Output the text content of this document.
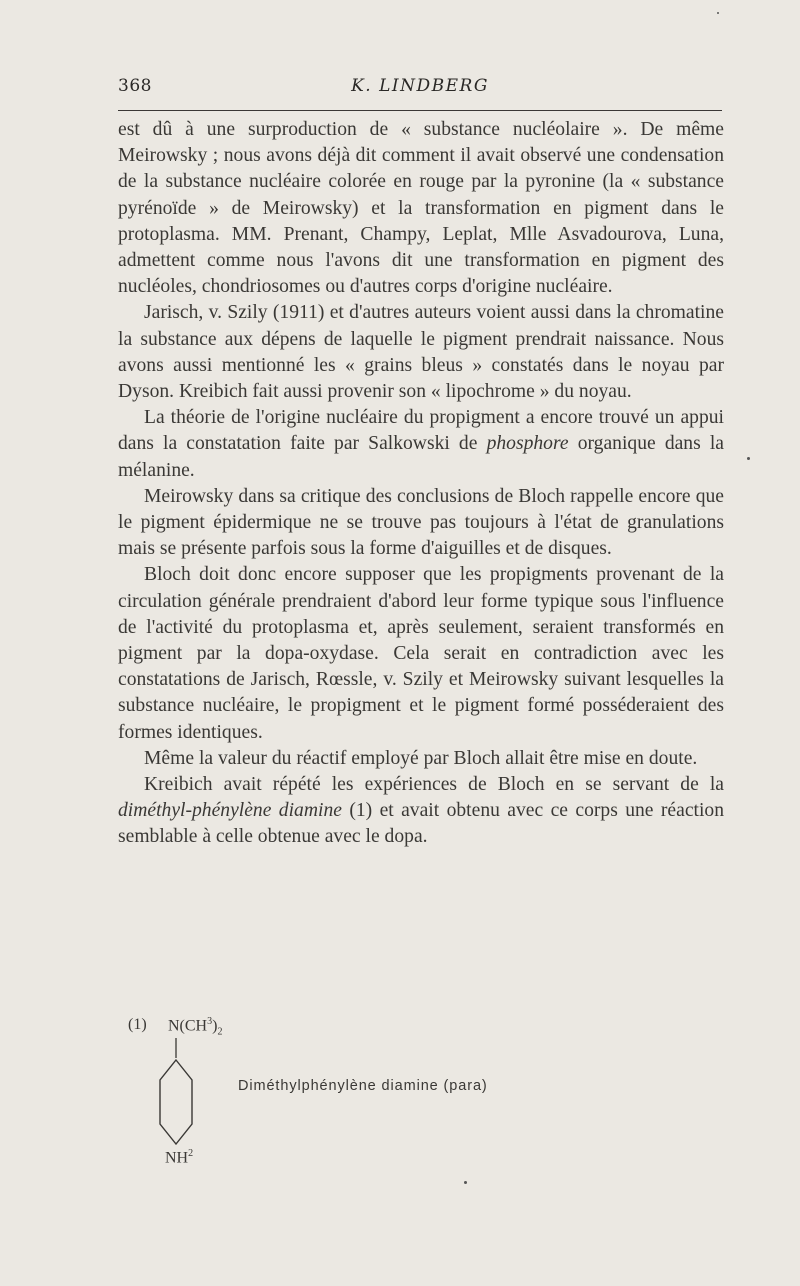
368	K. LINDBERG

est dû à une surproduction de « substance nucléolaire ». De même Meirowsky ; nous avons déjà dit comment il avait observé une condensation de la substance nucléaire colorée en rouge par la pyronine (la « substance pyrénoïde » de Meirowsky) et la transformation en pigment dans le protoplasma. MM. Prenant, Champy, Leplat, Mlle Asvadourova, Luna, admettent comme nous l'avons dit une transformation en pigment des nucléoles, chondriosomes ou d'autres corps d'origine nucléaire.

Jarisch, v. Szily (1911) et d'autres auteurs voient aussi dans la chromatine la substance aux dépens de laquelle le pigment prendrait naissance. Nous avons aussi mentionné les « grains bleus » constatés dans le noyau par Dyson. Kreibich fait aussi provenir son « lipochrome » du noyau.

La théorie de l'origine nucléaire du propigment a encore trouvé un appui dans la constatation faite par Salkowski de phosphore organique dans la mélanine.

Meirowsky dans sa critique des conclusions de Bloch rappelle encore que le pigment épidermique ne se trouve pas toujours à l'état de granulations mais se présente parfois sous la forme d'aiguilles et de disques.

Bloch doit donc encore supposer que les propigments provenant de la circulation générale prendraient d'abord leur forme typique sous l'influence de l'activité du protoplasma et, après seulement, seraient transformés en pigment par la dopa-oxydase. Cela serait en contradiction avec les constatations de Jarisch, Rœssle, v. Szily et Meirowsky suivant lesquelles la substance nucléaire, le propigment et le pigment formé posséderaient des formes identiques.

Même la valeur du réactif employé par Bloch allait être mise en doute.

Kreibich avait répété les expériences de Bloch en se servant de la diméthyl-phénylène diamine (1) et avait obtenu avec ce corps une réaction semblable à celle obtenue avec le dopa.

(1) $N(CH^3)_2$
$NH^2$
Diméthylphénylène diamine (para)
